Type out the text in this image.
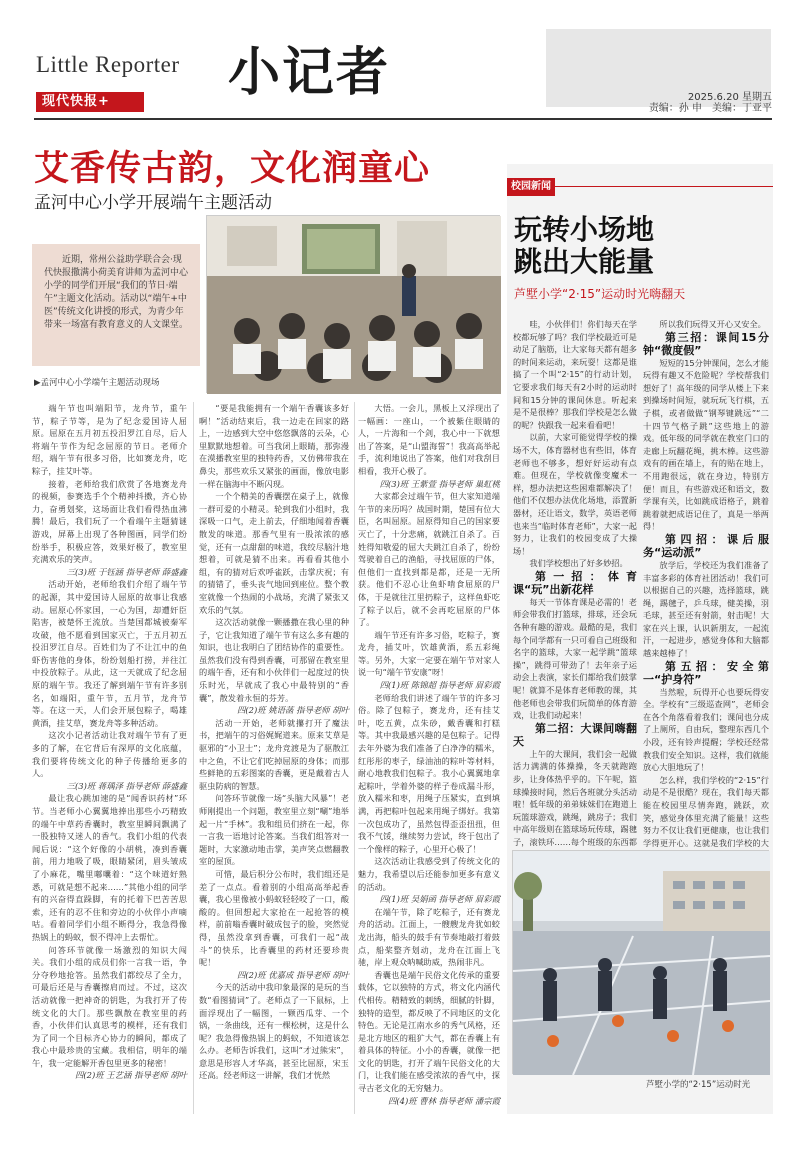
Little Reporter 小记者
现代快报+	2025.6.20 星期五
责编：孙 申　美编：丁亚平
艾香传古韵，文化润童心
孟河中心小学开展端午主题活动
近期，常州公益助学联合会·现代快报撒满小荷美育讲师为孟河中心小学的同学们开展“我们的节日·端午”主题文化活动。活动以“端午+中医”传统文化讲授的形式，为青少年带来一场富有教育意义的人文课堂。
▶孟河中心小学端午主题活动现场

端午节也叫端阳节，龙舟节，重午节，粽子节等，是为了纪念爱国诗人屈原。屈原在五月初五投汨罗江自尽，后人将端午节作为纪念屈原的节日。老师介绍，端午节有很多习俗，比如赛龙舟，吃粽子，挂艾叶等。

接着，老师给我们欣赏了各地赛龙舟的视频，参赛选手个个精神抖擞，齐心协力，奋勇划桨，这场面让我们看得热血沸腾！最后，我们玩了一个看端午主题猜谜游戏，屏幕上出现了各种图画，同学们纷纷举手，积极应答，效果好极了，教室里充满欢乐的笑声。

三(3)班 于钰涵 指导老师 薛盛鑫

活动开始，老师给我们介绍了端午节的起源，其中爱国诗人屈原的故事让我感动。屈原心怀家国，一心为国，却遭奸臣陷害，被楚怀王流放。当楚国都城被秦军攻破，他不愿看到国家灭亡，于五月初五投汨罗江自尽。百姓们为了不让江中的鱼虾伤害他的身体，纷纷划船打捞，并往江中投放粽子。从此，这一天就成了纪念屈原的端午节。我还了解到端午节有许多别名，如端阳，重午节，五月节，龙舟节等。在这一天，人们会开展包粽子，喝雄黄酒，挂艾草，赛龙舟等多种活动。

这次小记者活动让我对端午节有了更多的了解，在它背后有深厚的文化底蕴，我们要将传统文化的种子传播给更多的人。

三(3)班 蒋瑀泽 指导老师 薛盛鑫

最让我心跳加速的是“闻香识药材”环节。当老师小心翼翼地捧出那些小巧精致的端午中草药香囊时，教室里瞬间飘满了一股独特又迷人的香气。我们小组的代表闻后说：“这个好像的小胡桃，凑到香囊前，用力地吸了吸，眼睛紧闭，眉头皱成了小麻花，嘴里嘟囔着：“这个味道好熟悉，可就是想不起来……”其他小组的同学有的兴奋得直跺脚，有的托着下巴苦苦思索，还有的忍不住和旁边的小伙伴小声嘀咕。看着同学们小组不断得分，我急得像热锅上的蚂蚁，恨不得冲上去帮忙。

问答环节就像一场激烈的知识大闯关。我们小组的成员们你一言我一语，争分夺秒地抢答。虽然我们都绞尽了全力，可最后还是与香囊擦肩而过。不过，这次活动就像一把神奇的钥匙，为我打开了传统文化的大门。那些飘散在教室里的药香，小伙伴们认真思考的模样，还有我们为了同一个目标齐心协力的瞬间，都成了我心中最珍贵的宝藏。我相信，明年的端午，我一定能解开香包里更多的秘密！

四(2)班 王艺涵 指导老师 胡叶

“要是我能拥有一个端午香囊该多好啊！”活动结束后，我一边走在回家的路上，一边感到大空中悠悠飘落的云朵，心里默默地想着。可当我闭上眼睛，那弥漫在漠播教室里的独特药香，又仿佛带我在鼻尖，那些欢乐又紧张的画面，像放电影一样在脑海中不断闪现。

一个个精美的香囊摆在桌子上，就像一群可爱的小精灵。轮到我们小组时，我深吸一口气，走上前去，仔细地闻着香囊散发的味道。那香气里有一股浓浓的感觉，还有一点甜甜的味道，我绞尽脑汁地想着，可就是猜不出来。再看看其他小组，有的猜对后欢呼雀跃，击掌庆祝；有的猜错了，垂头丧气地回到座位。整个教室就像一个热闹的小战场，充满了紧张又欢乐的气氛。

这次活动就像一颗播撒在我心里的种子，它让我知道了端午节有这么多有趣的知识，也让我明白了团结协作的重要性。虽然我们没有得到香囊，可那留在教室里的端午香，还有和小伙伴们一起度过的快乐时光，早就成了我心中最特别的“香囊”，散发着永恒的芬芳。

四(2)班 姚语菡 指导老师 胡叶

活动一开始，老师就攥打开了魔法书，把端午的习俗娓娓道来。原来艾草是驱邪的“小卫士”；龙舟竞渡是为了驱散江中之鱼，不让它们吃掉屈原的身体；而那些鲜艳的五彩图案的香囊，更是戴着古人驱虫防病的智慧。

问答环节就像一场“头脑大风暴”！老师刚提出一个问题，教室里立刻“唰”地举起一片“手林”。我和组员们挤在一起，你一言我一语地讨论答案。当我们组答对一题时，大家激动地击掌，美声笑点燃翻教室的屋顶。

可惜，最后积分公布时，我们组还是差了一点点。看着别的小组高高举起香囊，我心里像被小蚂蚁轻轻咬了一口，酸酸的。但回想起大家抢在一起抢答的模样，前前嗡香囊时破成包子的脸，突然觉得，虽然没拿到香囊，可我们一起“战斗”的快乐，比香囊里的药材还要珍贵呢！

四(2)班 优嘉成 指导老师 胡叶

今天的活动中我印象最深的是玩的当数“看图猜词”了。老师点了一下鼠标，上面浮现出了一幅图，一颗西瓜芽、一个锅，一条曲线，还有一棵松树，这是什么呢？我急得像热锅上的蚂蚁，不知道该怎么办。老师告诉我们，这叫“才过熊宋”，意思是形容人才华高，甚至比屈原，宋玉还高。经老师这一讲解，我们才恍然

大悟。一会儿，黑板上又浮现出了一幅画：一座山，一个被紫住眼睛的人，一片海和一个剑，我心中一下就想出了答案，是“山盟海誓”！我高高举起手，流利地说出了答案，他们对我刮目相看，我开心极了。

四(3)班 王紫萱 指导老师 巢虹桃

大家都会过端午节，但大家知道端午节的来历吗？战国时期，楚国有位大臣，名叫屈原。屈原得知自己的国家要灭亡了，十分悲痛，就跳江自杀了。百姓得知敬爱的屈大夫跳江自杀了，纷纷驾驶着自己的渔船，寻找屈原的尸体，但他们一直找到都是都，还是一无所获。他们不忍心让鱼虾啃食屈原的尸体，于是就往江里扔粽子，这样鱼虾吃了粽子以后，就不会再吃屈原的尸体了。

端午节还有许多习俗，吃粽子，赛龙舟，插艾叶，饮雄黄酒，系五彩绳等。另外，大家一定要在端午节对家人说一句“端午节安康”呀！

四(1)班 陈锦超 指导老师 眉彩霞

老师给我们讲述了端午节的许多习俗。除了包粽子，赛龙舟，还有挂艾叶，吃五黄，点朱砂，戴香囊和打糕等。其中我最感兴趣的是包粽子。记得去年外婆为我们准备了白净净的糯米，红彤彤的枣子，绿油油的粽叶等材料，耐心地教我们包粽子。我小心翼翼地拿起粽叶，学着外婆的样子卷成漏斗形，放入糯米和枣，用绳子压紧实，直到填满，再把粽叶包起来用绳子绑好。我第一次包成功了，虽然包得歪歪扭扭，但我不气馁，继续努力尝试，终于包出了一个像样的粽子，心里开心极了！

这次活动让我感受到了传统文化的魅力，我希望以后还能参加更多有意义的活动。

四(1)班 吴娟函 指导老师 眉彩霞

在端午节，除了吃粽子，还有赛龙舟的活动。江面上，一艘艘龙舟犹如蛟龙出海，船头的鼓手有节奏地敲打着鼓点，船桨整齐划动，龙舟在江面上飞驰，岸上观众呐喊助威，热闹非凡。

香囊也是端午民俗文化传承的重要载体，它以独特的方式，将文化内涵代代相传。精精致的刺绣，细腻的针脚，独特的造型，都反映了不同地区的文化特色。无论是江南水乡的秀气风格，还是北方地区的粗犷大气，都在香囊上有着具体的特征。小小的香囊，就像一把文化的钥匙，打开了端午民俗文化的大门，让我们能在感受浓浓的香气中，探寻古老文化的无穷魅力。

四(4)班 曹林 指导老师 潘宗霞
校园新闻
玩转小场地
跳出大能量
芦墅小学“2·15”运动时光嗨翻天

哇，小伙伴们！你们每天在学校都玩够了吗？我们学校最近可是动足了脑筋，让大家每天都有超多的时间来运动，来玩耍！这都是谁搞了一个叫“2·15”的行动计划，它要求我们每天有2小时的运动时间和15分钟的课间休息。听起来是不是很棒？那我们学校是怎么做的呢？快跟我一起来看看吧！

以前，大家可能觉得学校的操场不大，体育器材也有些旧，体育老师也不够多，想好好运动有点难。但现在，学校就像变魔术一样，想办法把这些困难都解决了！他们不仅想办法优化场地，添置新器材，还让语文，数学，英语老师也来当“临时体育老师”，大家一起努力，让我们的校园变成了大操场！

我们学校想出了好多妙招。

第一招：体育课“玩”出新花样

每天一节体育课是必需的！老师会带我们打篮球，排球，还会玩各种有趣的游戏。最酷的是，我们每个同学都有一只可看自己班级和名字的篮球，大家一起学跳“篮球操”，跳得可带劲了！去年亲子运动会上表演，家长们都给我们鼓掌呢！就算不是体育老师教的课，其他老师也会带我们玩简单的体育游戏，让我们动起来！

第二招：大课间嗨翻天

上午的大课间，我们会一起做活力满满的体操操，冬天就跑跑步，让身体热乎乎的。下午呢，篮球操接时间，然后各班就分头活动啦！低年级的弟弟妹妹们在跑道上玩篮球游戏，跳绳，跳房子；我们中高年级则在篮球场玩传球，踢毽子，滚铁环……每个班级的东西都

所以我们玩得又开心又安全。

第三招：课间15分钟“微度假”

短短的15分钟课间，怎么才能玩得有趣又不危险呢？学校帮我们想好了！高年级的同学从楼上下来到操场时间短，就玩玩飞行棋，五子棋，或者做做“钢琴键跳远”“二十四节气格子跳”这些地上的游戏。低年级的同学就在教室门口的走廊上玩翻花绳，挑木棒。这些游戏有的画在墙上，有的贴在地上，不用跑很远，就在身边，特别方便！而且，有些游戏还和语文，数学课有关，比如跳成语格子，跳着跳着就把成语记住了，真是一举两得！

第四招：课后服务“运动派”

放学后，学校还为我们准备了丰富多彩的体育社团活动！我们可以根据自己的兴趣，选择篮球，跳绳，踢毽子，乒乓球，健美操，羽毛球，甚至还有射箭，射击呢！大家在兴上课，认识新朋友，一起流汗，一起进步，感觉身体和大脑都越来越棒了！

第五招：安全第一“护身符”

当然啦，玩得开心也要玩得安全。学校有“三级巡查网”，老师会在各个角落看着我们；课间也分成了上厕所，自由玩，整理东西几个小段，还有铃声提醒；学校还经常教我们安全知识。这样，我们就能放心大胆地玩了！

怎么样，我们学校的“2·15”行动是不是很酷？现在，我们每天都能在校园里尽情奔跑，跳跃，欢笑，感觉身体里充满了能量！这些努力不仅让我们更健康，也让我们学得更开心。这就是我们学校的大

芦墅小学的“2·15”运动时光
